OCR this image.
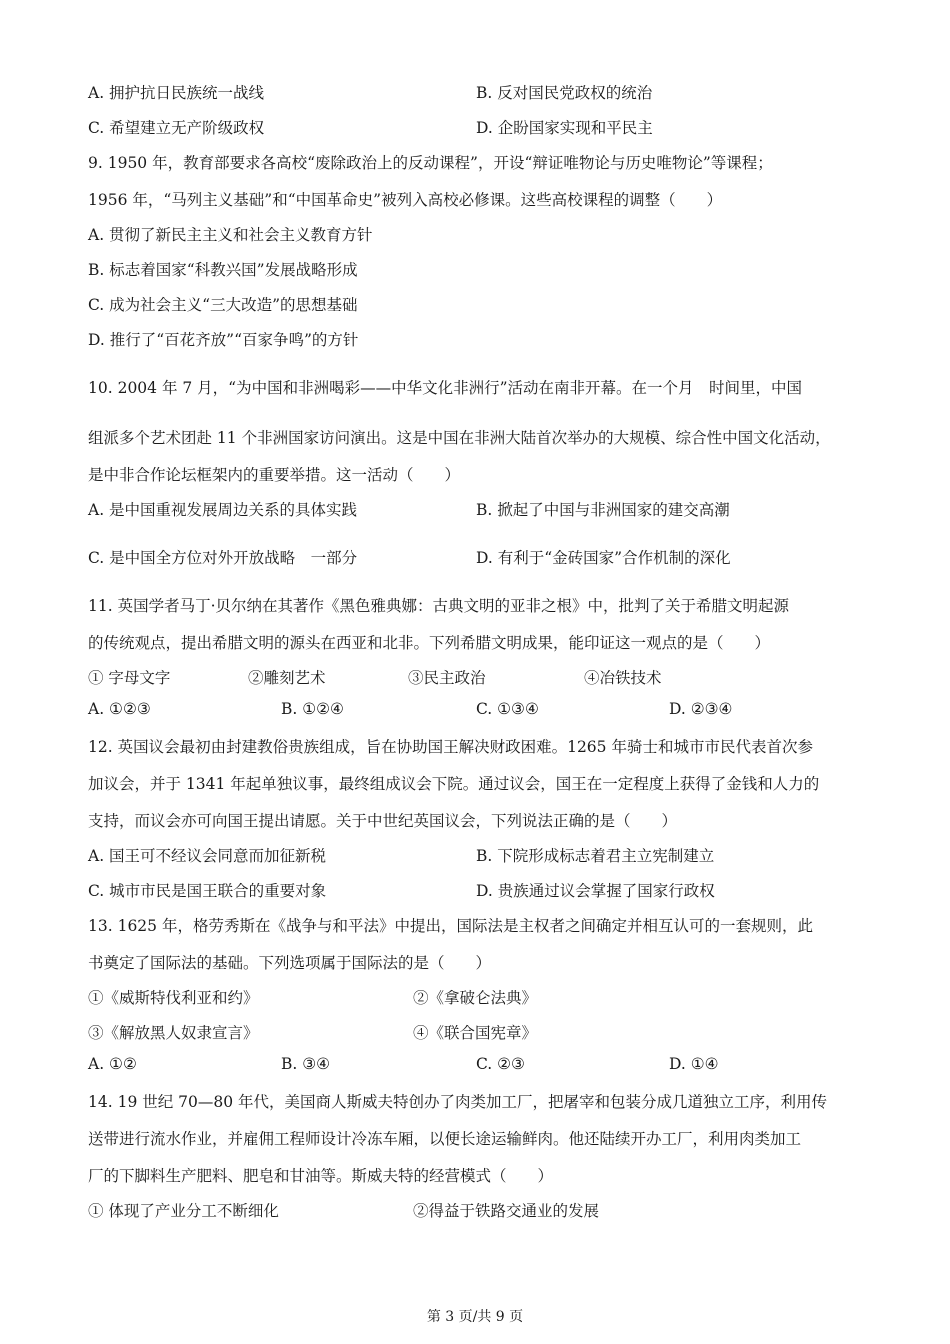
A. 拥护抗日民族统一战线	B. 反对国民党政权的统治
C. 希望建立无产阶级政权	D. 企盼国家实现和平民主
9. 1950 年，教育部要求各高校“废除政治上的反动课程”，开设“辩证唯物论与历史唯物论”等课程；
1956 年，“马列主义基础”和“中国革命史”被列入高校必修课。这些高校课程的调整（　　）
A. 贯彻了新民主主义和社会主义教育方针
B. 标志着国家“科教兴国”发展战略形成
C. 成为社会主义“三大改造”的思想基础
D. 推行了“百花齐放”“百家争鸣”的方针
10. 2004 年 7 月，“为中国和非洲喝彩——中华文化非洲行”活动在南非开幕。在一个月　时间里，中国
组派多个艺术团赴 11 个非洲国家访问演出。这是中国在非洲大陆首次举办的大规模、综合性中国文化活动，
是中非合作论坛框架内的重要举措。这一活动（　　）
A. 是中国重视发展周边关系的具体实践	B. 掀起了中国与非洲国家的建交高潮
C. 是中国全方位对外开放战略　一部分	D. 有利于“金砖国家”合作机制的深化
11. 英国学者马丁·贝尔纳在其著作《黑色雅典娜：古典文明的亚非之根》中，批判了关于希腊文明起源
的传统观点，提出希腊文明的源头在西亚和北非。下列希腊文明成果，能印证这一观点的是（　　）
① 字母文字	②雕刻艺术	③民主政治	④冶铁技术
A. ①②③	B. ①②④	C. ①③④	D. ②③④
12. 英国议会最初由封建教俗贵族组成，旨在协助国王解决财政困难。1265 年骑士和城市市民代表首次参
加议会，并于 1341 年起单独议事，最终组成议会下院。通过议会，国王在一定程度上获得了金钱和人力的
支持，而议会亦可向国王提出请愿。关于中世纪英国议会，下列说法正确的是（　　）
A. 国王可不经议会同意而加征新税	B. 下院形成标志着君主立宪制建立
C. 城市市民是国王联合的重要对象	D. 贵族通过议会掌握了国家行政权
13. 1625 年，格劳秀斯在《战争与和平法》中提出，国际法是主权者之间确定并相互认可的一套规则，此
书奠定了国际法的基础。下列选项属于国际法的是（　　）
①《威斯特伐利亚和约》	②《拿破仑法典》
③《解放黑人奴隶宣言》	④《联合国宪章》
A. ①②	B. ③④	C. ②③	D. ①④
14. 19 世纪 70—80 年代，美国商人斯威夫特创办了肉类加工厂，把屠宰和包装分成几道独立工序，利用传
送带进行流水作业，并雇佣工程师设计冷冻车厢，以便长途运输鲜肉。他还陆续开办工厂，利用肉类加工
厂的下脚料生产肥料、肥皂和甘油等。斯威夫特的经营模式（　　）
① 体现了产业分工不断细化	②得益于铁路交通业的发展
第 3 页/共 9 页
